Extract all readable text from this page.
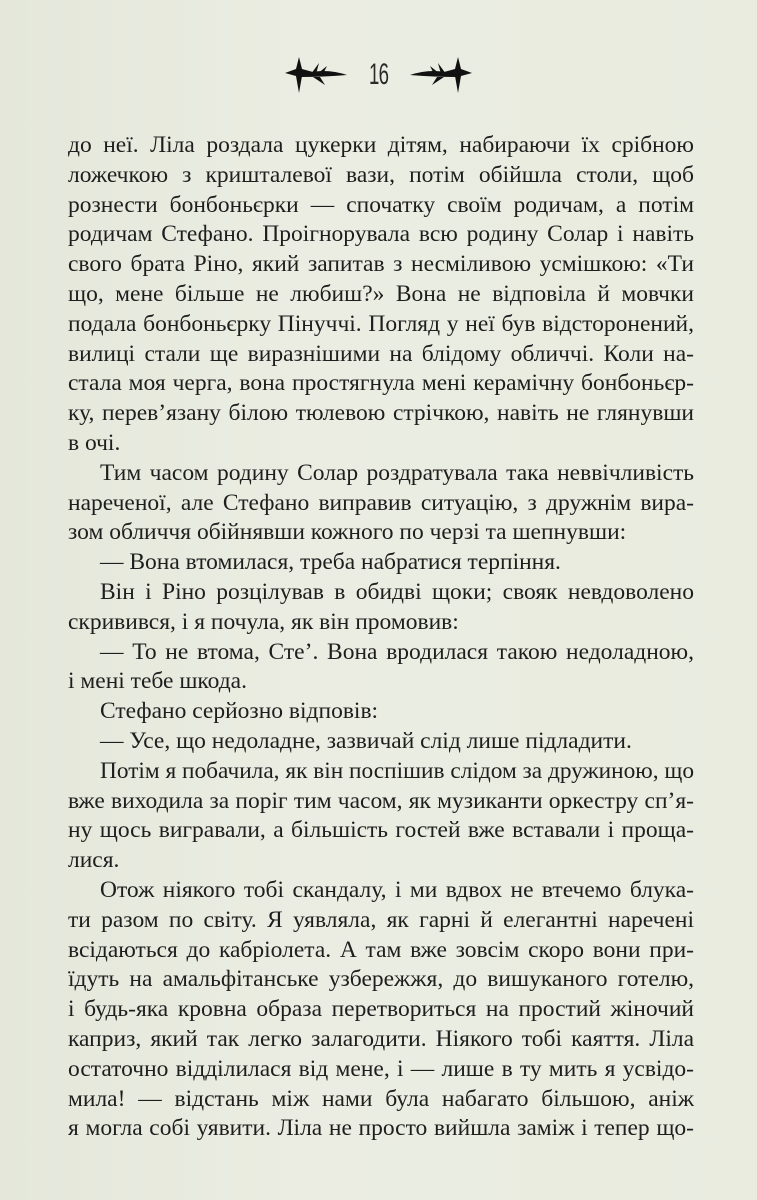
16
до неї. Ліла роздала цукерки дітям, набираючи їх срібною
ложечкою з кришталевої вази, потім обійшла столи, щоб
рознести бонбоньєрки — спочатку своїм родичам, а потім
родичам Стефано. Проігнорувала всю родину Солар і навіть
свого брата Ріно, який запитав з несміливою усмішкою: «Ти
що, мене більше не любиш?» Вона не відповіла й мовчки
подала бонбоньєрку Пінуччі. Погляд у неї був відсторонений,
вилиці стали ще виразнішими на блідому обличчі. Коли на-
стала моя черга, вона простягнула мені керамічну бонбоньєр-
ку, перев’язану білою тюлевою стрічкою, навіть не глянувши
в очі.
Тим часом родину Солар роздратувала така неввічливість
нареченої, але Стефано виправив ситуацію, з дружнім вира-
зом обличчя обійнявши кожного по черзі та шепнувши:
— Вона втомилася, треба набратися терпіння.
Він і Ріно розцілував в обидві щоки; свояк невдоволено
скривився, і я почула, як він промовив:
— То не втома, Сте’. Вона вродилася такою недоладною,
і мені тебе шкода.
Стефано серйозно відповів:
— Усе, що недоладне, зазвичай слід лише підладити.
Потім я побачила, як він поспішив слідом за дружиною, що
вже виходила за поріг тим часом, як музиканти оркестру сп’я-
ну щось вигравали, а більшість гостей вже вставали і проща-
лися.
Отож ніякого тобі скандалу, і ми вдвох не втечемо блука-
ти разом по світу. Я уявляла, як гарні й елегантні наречені
всідаються до кабріолета. А там вже зовсім скоро вони при-
їдуть на амальфітанське узбережжя, до вишуканого готелю,
і будь-яка кровна образа перетвориться на простий жіночий
каприз, який так легко залагодити. Ніякого тобі каяття. Ліла
остаточно відділилася від мене, і — лише в ту мить я усвідо-
мила! — відстань між нами була набагато більшою, аніж
я могла собі уявити. Ліла не просто вийшла заміж і тепер що-
